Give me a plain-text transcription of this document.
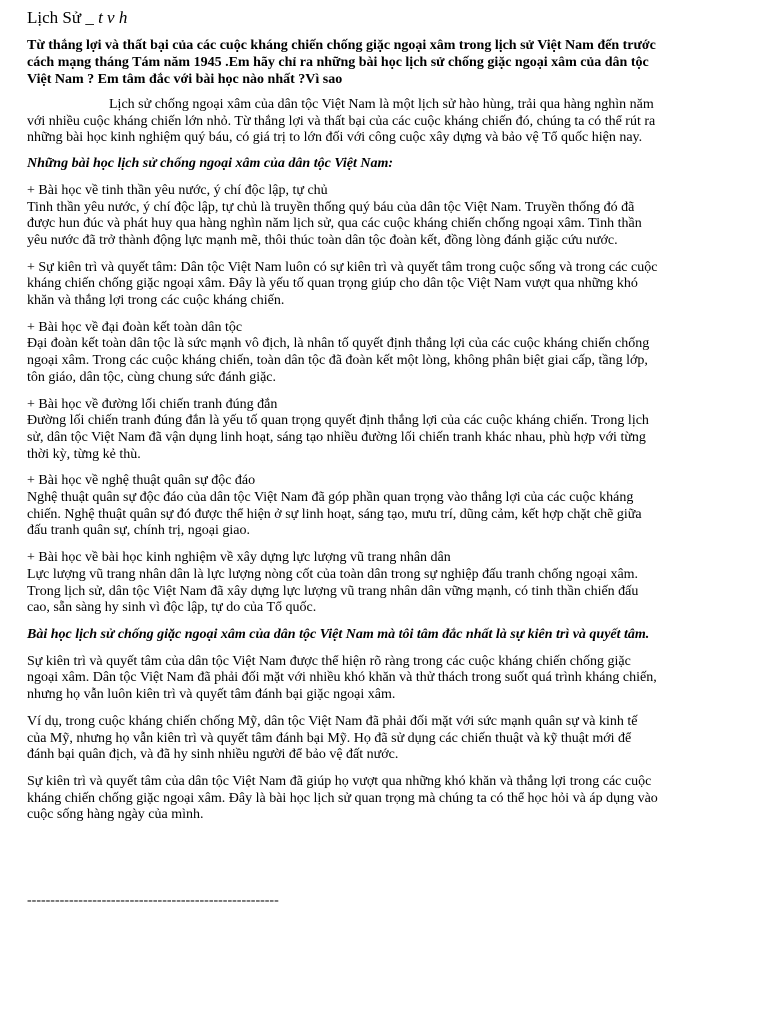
Lịch Sử _ t v h

Từ thắng lợi và thất bại của các cuộc kháng chiến chống giặc ngoại xâm trong lịch sử Việt Nam đến trước cách mạng tháng Tám năm 1945 .Em hãy chỉ ra những bài học lịch sử chống giặc ngoại xâm của dân tộc Việt Nam ? Em tâm đắc với bài học nào nhất ?Vì sao

Lịch sử chống ngoại xâm của dân tộc Việt Nam là một lịch sử hào hùng, trải qua hàng nghìn năm với nhiều cuộc kháng chiến lớn nhỏ. Từ thắng lợi và thất bại của các cuộc kháng chiến đó, chúng ta có thể rút ra những bài học kinh nghiệm quý báu, có giá trị to lớn đối với công cuộc xây dựng và bảo vệ Tổ quốc hiện nay.

Những bài học lịch sử chống ngoại xâm của dân tộc Việt Nam:

+ Bài học về tinh thần yêu nước, ý chí độc lập, tự chủ
Tinh thần yêu nước, ý chí độc lập, tự chủ là truyền thống quý báu của dân tộc Việt Nam. Truyền thống đó đã được hun đúc và phát huy qua hàng nghìn năm lịch sử, qua các cuộc kháng chiến chống ngoại xâm. Tinh thần yêu nước đã trở thành động lực mạnh mẽ, thôi thúc toàn dân tộc đoàn kết, đồng lòng đánh giặc cứu nước.

+ Sự kiên trì và quyết tâm: Dân tộc Việt Nam luôn có sự kiên trì và quyết tâm trong cuộc sống và trong các cuộc kháng chiến chống giặc ngoại xâm. Đây là yếu tố quan trọng giúp cho dân tộc Việt Nam vượt qua những khó khăn và thắng lợi trong các cuộc kháng chiến.

+ Bài học về đại đoàn kết toàn dân tộc
Đại đoàn kết toàn dân tộc là sức mạnh vô địch, là nhân tố quyết định thắng lợi của các cuộc kháng chiến chống ngoại xâm. Trong các cuộc kháng chiến, toàn dân tộc đã đoàn kết một lòng, không phân biệt giai cấp, tầng lớp, tôn giáo, dân tộc, cùng chung sức đánh giặc.

+ Bài học về đường lối chiến tranh đúng đắn
Đường lối chiến tranh đúng đắn là yếu tố quan trọng quyết định thắng lợi của các cuộc kháng chiến. Trong lịch sử, dân tộc Việt Nam đã vận dụng linh hoạt, sáng tạo nhiều đường lối chiến tranh khác nhau, phù hợp với từng thời kỳ, từng kẻ thù.

+ Bài học về nghệ thuật quân sự độc đáo
Nghệ thuật quân sự độc đáo của dân tộc Việt Nam đã góp phần quan trọng vào thắng lợi của các cuộc kháng chiến. Nghệ thuật quân sự đó được thể hiện ở sự linh hoạt, sáng tạo, mưu trí, dũng cảm, kết hợp chặt chẽ giữa đấu tranh quân sự, chính trị, ngoại giao.

+ Bài học về bài học kinh nghiệm về xây dựng lực lượng vũ trang nhân dân
Lực lượng vũ trang nhân dân là lực lượng nòng cốt của toàn dân trong sự nghiệp đấu tranh chống ngoại xâm. Trong lịch sử, dân tộc Việt Nam đã xây dựng lực lượng vũ trang nhân dân vững mạnh, có tinh thần chiến đấu cao, sẵn sàng hy sinh vì độc lập, tự do của Tổ quốc.

Bài học lịch sử chống giặc ngoại xâm của dân tộc Việt Nam mà tôi tâm đắc nhất là sự kiên trì và quyết tâm.

Sự kiên trì và quyết tâm của dân tộc Việt Nam được thể hiện rõ ràng trong các cuộc kháng chiến chống giặc ngoại xâm. Dân tộc Việt Nam đã phải đối mặt với nhiều khó khăn và thử thách trong suốt quá trình kháng chiến, nhưng họ vẫn luôn kiên trì và quyết tâm đánh bại giặc ngoại xâm.

Ví dụ, trong cuộc kháng chiến chống Mỹ, dân tộc Việt Nam đã phải đối mặt với sức mạnh quân sự và kinh tế của Mỹ, nhưng họ vẫn kiên trì và quyết tâm đánh bại Mỹ. Họ đã sử dụng các chiến thuật và kỹ thuật mới để đánh bại quân địch, và đã hy sinh nhiều người để bảo vệ đất nước.

Sự kiên trì và quyết tâm của dân tộc Việt Nam đã giúp họ vượt qua những khó khăn và thắng lợi trong các cuộc kháng chiến chống giặc ngoại xâm. Đây là bài học lịch sử quan trọng mà chúng ta có thể học hỏi và áp dụng vào cuộc sống hàng ngày của mình.

------------------------------------------------------
